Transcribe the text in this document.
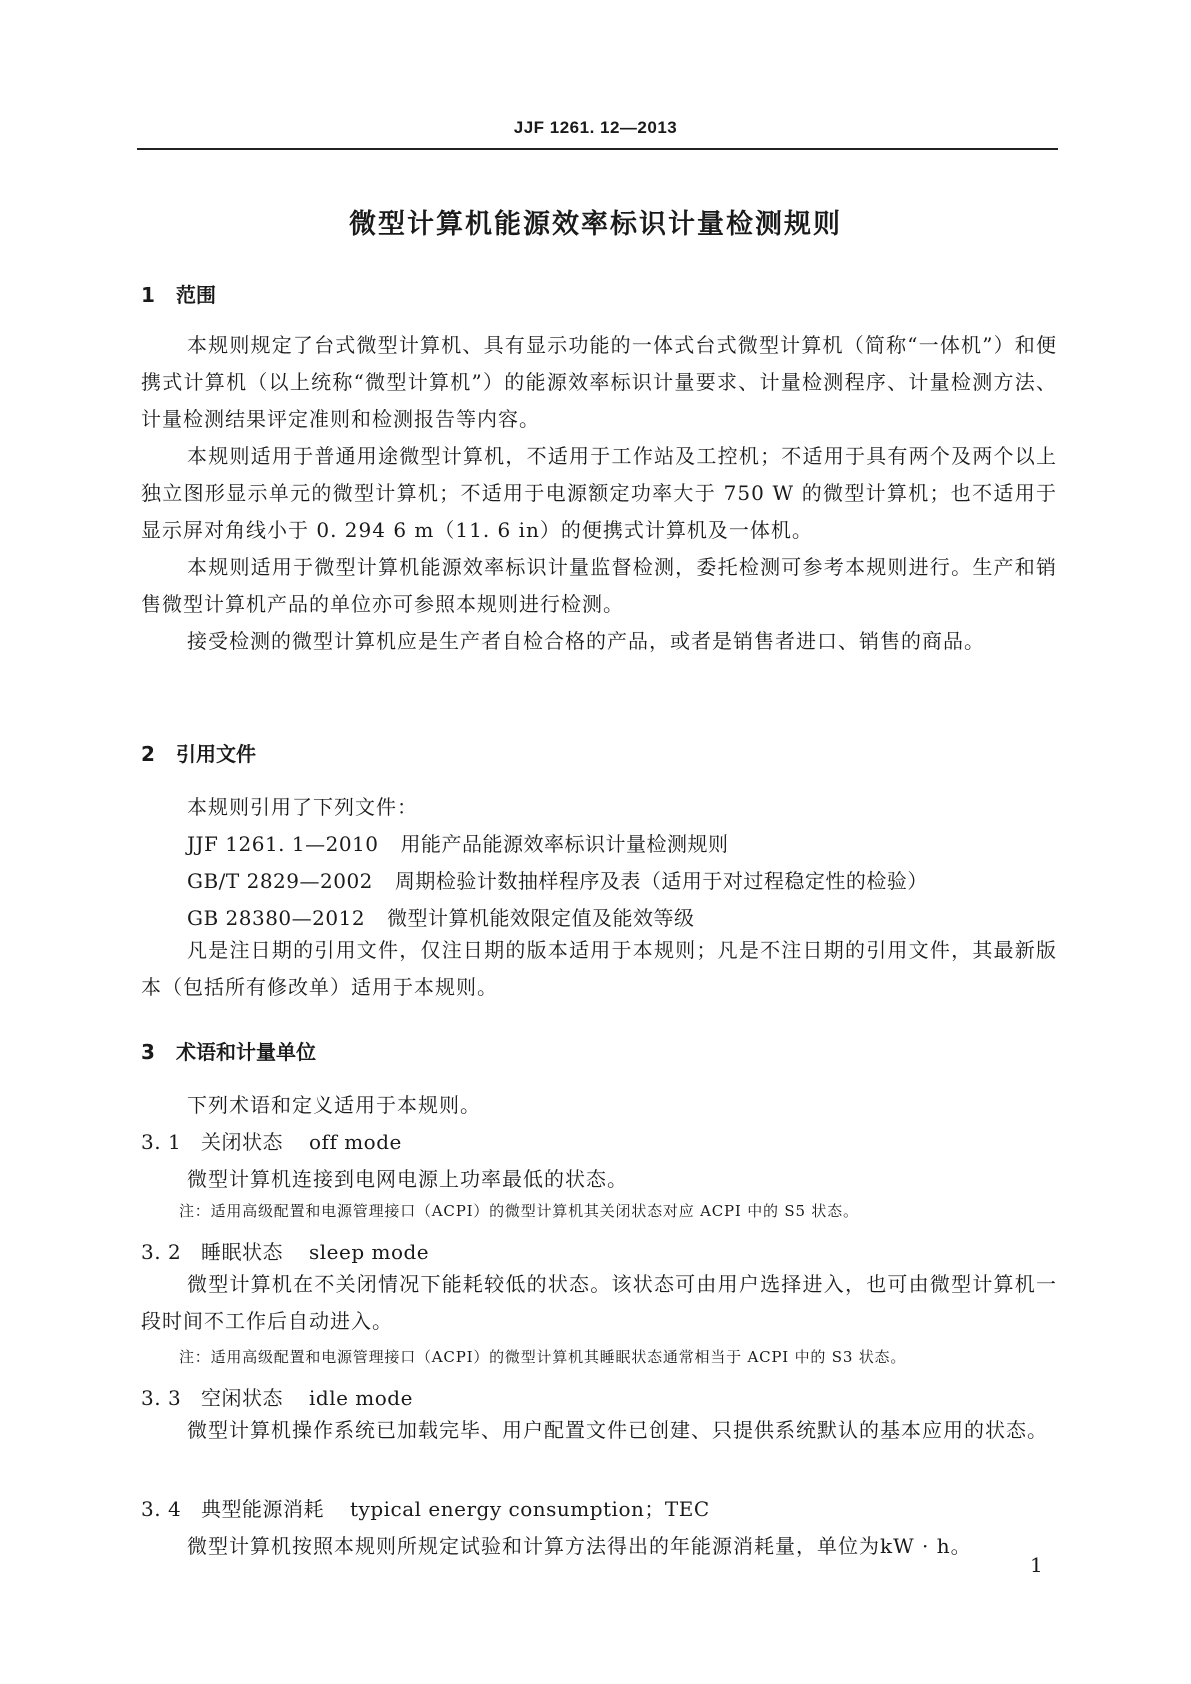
JJF 1261. 12—2013
微型计算机能源效率标识计量检测规则
1 范围

本规则规定了台式微型计算机、具有显示功能的一体式台式微型计算机（简称“一体机”）和便携式计算机（以上统称“微型计算机”）的能源效率标识计量要求、计量检测程序、计量检测方法、计量检测结果评定准则和检测报告等内容。

本规则适用于普通用途微型计算机，不适用于工作站及工控机；不适用于具有两个及两个以上独立图形显示单元的微型计算机；不适用于电源额定功率大于 750 W 的微型计算机；也不适用于显示屏对角线小于 0. 294 6 m（11. 6 in）的便携式计算机及一体机。

本规则适用于微型计算机能源效率标识计量监督检测，委托检测可参考本规则进行。生产和销售微型计算机产品的单位亦可参照本规则进行检测。

接受检测的微型计算机应是生产者自检合格的产品，或者是销售者进口、销售的商品。

2 引用文件
本规则引用了下列文件：
JJF 1261. 1—2010 用能产品能源效率标识计量检测规则
GB/T 2829—2002 周期检验计数抽样程序及表（适用于对过程稳定性的检验）
GB 28380—2012 微型计算机能效限定值及能效等级

凡是注日期的引用文件，仅注日期的版本适用于本规则；凡是不注日期的引用文件，其最新版本（包括所有修改单）适用于本规则。

3 术语和计量单位
下列术语和定义适用于本规则。
3. 1 关闭状态 off mode
微型计算机连接到电网电源上功率最低的状态。
注：适用高级配置和电源管理接口（ACPI）的微型计算机其关闭状态对应 ACPI 中的 S5 状态。
3. 2 睡眠状态 sleep mode

微型计算机在不关闭情况下能耗较低的状态。该状态可由用户选择进入，也可由微型计算机一段时间不工作后自动进入。

注：适用高级配置和电源管理接口（ACPI）的微型计算机其睡眠状态通常相当于 ACPI 中的 S3 状态。
3. 3 空闲状态 idle mode

微型计算机操作系统已加载完毕、用户配置文件已创建、只提供系统默认的基本应用的状态。

3. 4 典型能源消耗 typical energy consumption；TEC
微型计算机按照本规则所规定试验和计算方法得出的年能源消耗量，单位为kW · h。
1
